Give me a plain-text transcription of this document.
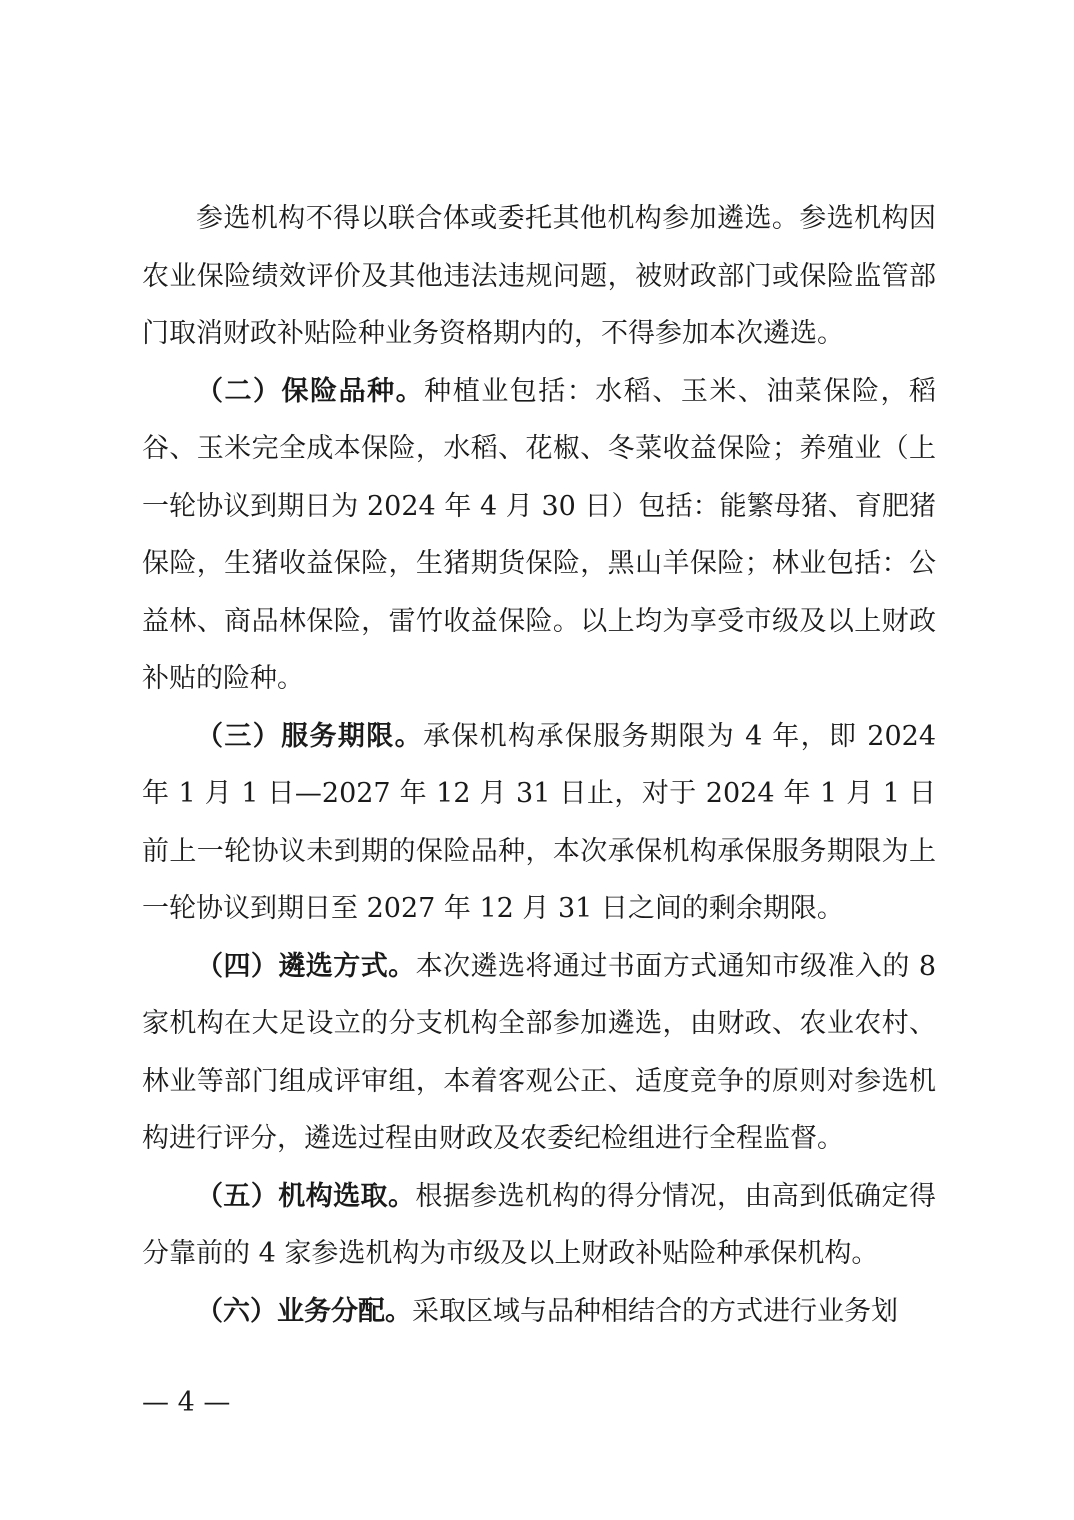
参选机构不得以联合体或委托其他机构参加遴选。参选机构因农业保险绩效评价及其他违法违规问题，被财政部门或保险监管部门取消财政补贴险种业务资格期内的，不得参加本次遴选。

（二）保险品种。种植业包括：水稻、玉米、油菜保险，稻谷、玉米完全成本保险，水稻、花椒、冬菜收益保险；养殖业（上一轮协议到期日为 2024 年 4 月 30 日）包括：能繁母猪、育肥猪保险，生猪收益保险，生猪期货保险，黑山羊保险；林业包括：公益林、商品林保险，雷竹收益保险。以上均为享受市级及以上财政补贴的险种。

（三）服务期限。承保机构承保服务期限为 4 年，即 2024 年 1 月 1 日—2027 年 12 月 31 日止，对于 2024 年 1 月 1 日前上一轮协议未到期的保险品种，本次承保机构承保服务期限为上一轮协议到期日至 2027 年 12 月 31 日之间的剩余期限。

（四）遴选方式。本次遴选将通过书面方式通知市级准入的 8 家机构在大足设立的分支机构全部参加遴选，由财政、农业农村、林业等部门组成评审组，本着客观公正、适度竞争的原则对参选机构进行评分，遴选过程由财政及农委纪检组进行全程监督。

（五）机构选取。根据参选机构的得分情况，由高到低确定得分靠前的 4 家参选机构为市级及以上财政补贴险种承保机构。

（六）业务分配。采取区域与品种相结合的方式进行业务划

— 4 —
